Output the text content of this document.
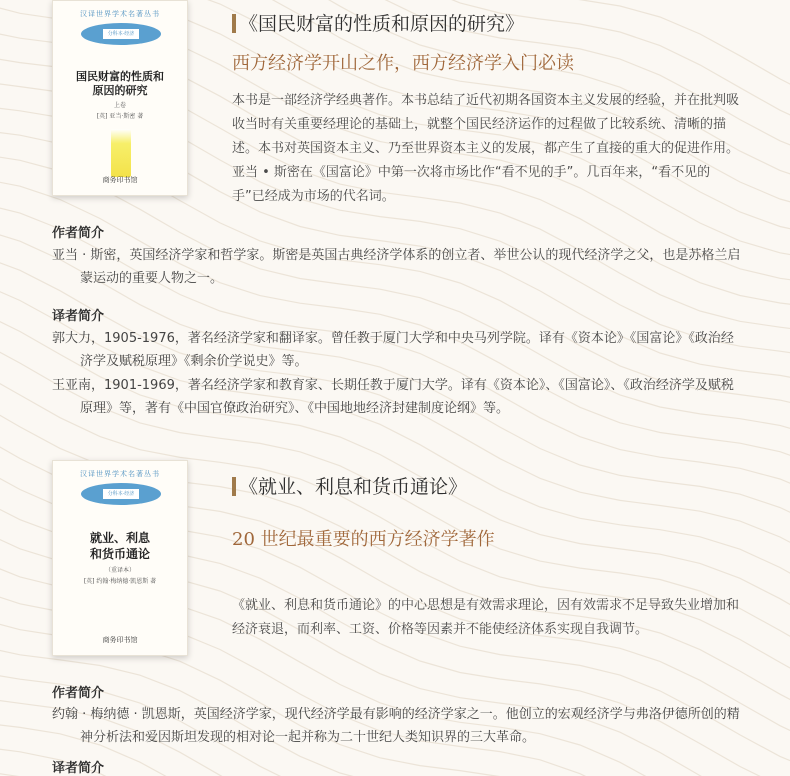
汉译世界学术名著丛书
分科本·经济
国民财富的性质和
原因的研究
上卷
[英] 亚当·斯密 著
商务印书馆
《国民财富的性质和原因的研究》
西方经济学开山之作，西方经济学入门必读
本书是一部经济学经典著作。本书总结了近代初期各国资本主义发展的经验，并在批判吸收当时有关重要经理论的基础上，就整个国民经济运作的过程做了比较系统、清晰的描述。本书对英国资本主义、乃至世界资本主义的发展，都产生了直接的重大的促进作用。亚当 • 斯密在《国富论》中第一次将市场比作“看不见的手”。几百年来，“看不见的手”已经成为市场的代名词。
作者简介
亚当 · 斯密，英国经济学家和哲学家。斯密是英国古典经济学体系的创立者、举世公认的现代经济学之父，也是苏格兰启蒙运动的重要人物之一。
译者简介
郭大力，1905-1976，著名经济学家和翻译家。曾任教于厦门大学和中央马列学院。译有《资本论》《国富论》《政治经济学及赋税原理》《剩余价学说史》等。
王亚南，1901-1969，著名经济学家和教育家、长期任教于厦门大学。译有《资本论》、《国富论》、《政治经济学及赋税原理》等，著有《中国官僚政治研究》、《中国地地经济封建制度论纲》等。
汉译世界学术名著丛书
分科本·经济
就业、利息
和货币通论
（重译本）
[英] 约翰·梅纳德·凯恩斯 著
商务印书馆
《就业、利息和货币通论》
20 世纪最重要的西方经济学著作
《就业、利息和货币通论》的中心思想是有效需求理论，因有效需求不足导致失业增加和经济衰退，而利率、工资、价格等因素并不能使经济体系实现自我调节。
作者简介
约翰 · 梅纳德 · 凯恩斯，英国经济学家，现代经济学最有影响的经济学家之一。他创立的宏观经济学与弗洛伊德所创的精神分析法和爱因斯坦发现的相对论一起并称为二十世纪人类知识界的三大革命。
译者简介
